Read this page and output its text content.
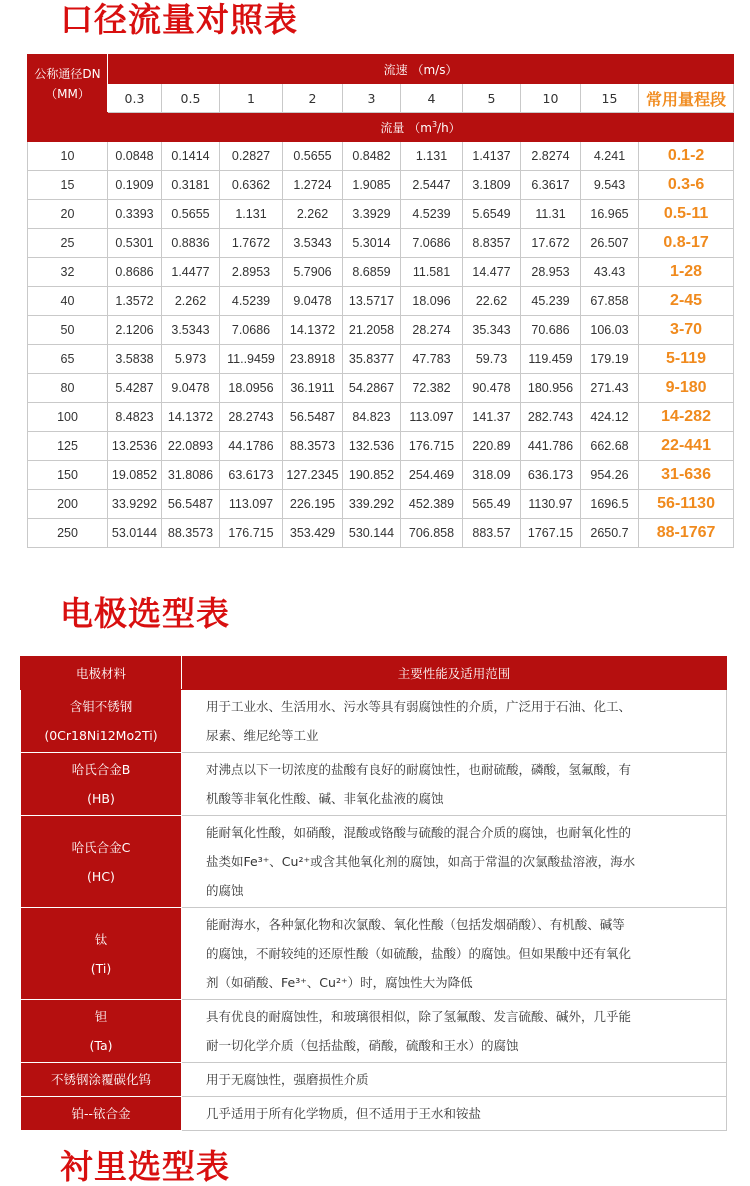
口径流量对照表
公称通径DN
（MM）	流速 （m/s）									
	0.3	0.5	1	2	3	4	5	10	15	常用量程段
	流量 $(m^3/h)$									
10	0.0848	0.1414	0.2827	0.5655	0.8482	1.131	1.4137	2.8274	4.241	0.1-2
15	0.1909	0.3181	0.6362	1.2724	1.9085	2.5447	3.1809	6.3617	9.543	0.3-6
20	0.3393	0.5655	1.131	2.262	3.3929	4.5239	5.6549	11.31	16.965	0.5-11
25	0.5301	0.8836	1.7672	3.5343	5.3014	7.0686	8.8357	17.672	26.507	0.8-17
32	0.8686	1.4477	2.8953	5.7906	8.6859	11.581	14.477	28.953	43.43	1-28
40	1.3572	2.262	4.5239	9.0478	13.5717	18.096	22.62	45.239	67.858	2-45
50	2.1206	3.5343	7.0686	14.1372	21.2058	28.274	35.343	70.686	106.03	3-70
65	3.5838	5.973	11..9459	23.8918	35.8377	47.783	59.73	119.459	179.19	5-119
80	5.4287	9.0478	18.0956	36.1911	54.2867	72.382	90.478	180.956	271.43	9-180
100	8.4823	14.1372	28.2743	56.5487	84.823	113.097	141.37	282.743	424.12	14-282
125	13.2536	22.0893	44.1786	88.3573	132.536	176.715	220.89	441.786	662.68	22-441
150	19.0852	31.8086	63.6173	127.2345	190.852	254.469	318.09	636.173	954.26	31-636
200	33.9292	56.5487	113.097	226.195	339.292	452.389	565.49	1130.97	1696.5	56-1130
250	53.0144	88.3573	176.715	353.429	530.144	706.858	883.57	1767.15	2650.7	88-1767
电极选型表
电极材料	主要性能及适用范围
含钼不锈钢
(0Cr18Ni12Mo2Ti)	用于工业水、生活用水、污水等具有弱腐蚀性的介质，广泛用于石油、化工、
尿素、维尼纶等工业
哈氏合金B
(HB)	对沸点以下一切浓度的盐酸有良好的耐腐蚀性，也耐硫酸，磷酸，氢氟酸，有
机酸等非氧化性酸、碱、非氧化盐液的腐蚀
哈氏合金C
(HC)	能耐氧化性酸，如硝酸，混酸或铬酸与硫酸的混合介质的腐蚀，也耐氧化性的
盐类如Fe³⁺、Cu²⁺或含其他氧化剂的腐蚀，如高于常温的次氯酸盐溶液，海水
的腐蚀
钛
(Ti)	能耐海水，各种氯化物和次氯酸、氧化性酸（包括发烟硝酸）、有机酸、碱等
的腐蚀，不耐较纯的还原性酸（如硫酸，盐酸）的腐蚀。但如果酸中还有氧化
剂（如硝酸、Fe³⁺、Cu²⁺）时，腐蚀性大为降低
钽
(Ta)	具有优良的耐腐蚀性，和玻璃很相似，除了氢氟酸、发言硫酸、碱外，几乎能
耐一切化学介质（包括盐酸，硝酸，硫酸和王水）的腐蚀
不锈钢涂覆碳化钨	用于无腐蚀性，强磨损性介质
铂--铱合金	几乎适用于所有化学物质，但不适用于王水和铵盐
衬里选型表
